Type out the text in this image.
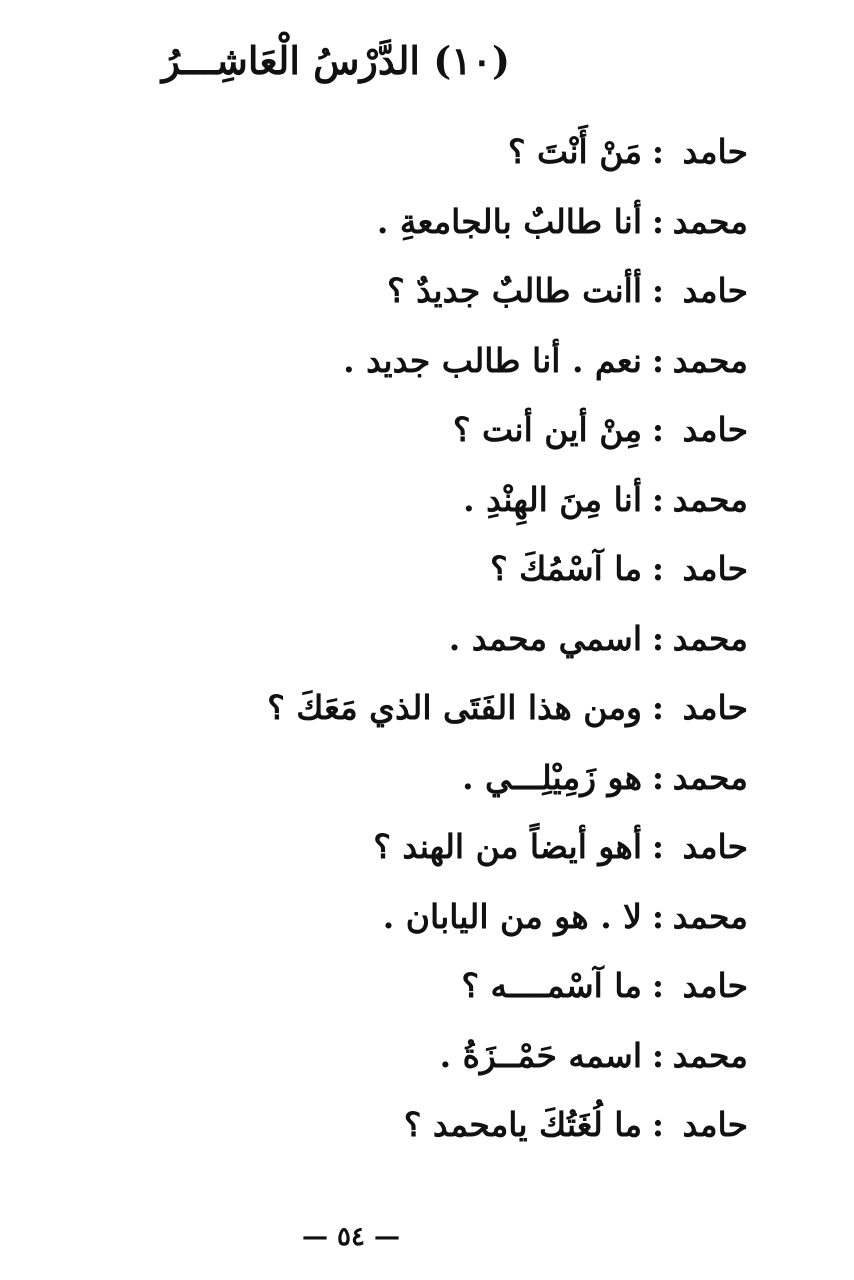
(١٠) الدَّرْسُ الْعَاشِـــرُ
حامد
:
مَنْ أَنْتَ ؟
محمد
:
أنا طالبٌ بالجامعةِ .
حامد
:
أأنت طالبٌ جديدٌ ؟
محمد
:
نعم . أنا طالب جديد .
حامد
:
مِنْ أين أنت ؟
محمد
:
أنا مِنَ الهِنْدِ .
حامد
:
ما آسْمُكَ ؟
محمد
:
اسمي محمد .
حامد
:
ومن هذا الفَتَى الذي مَعَكَ ؟
محمد
:
هو زَمِيْلِـــي .
حامد
:
أهو أيضاً من الهند ؟
محمد
:
لا . هو من اليابان .
حامد
:
ما آسْمــــه ؟
محمد
:
اسمه حَمْــزَةُ .
حامد
:
ما لُغَتُكَ يامحمد ؟
— ٥٤ —
